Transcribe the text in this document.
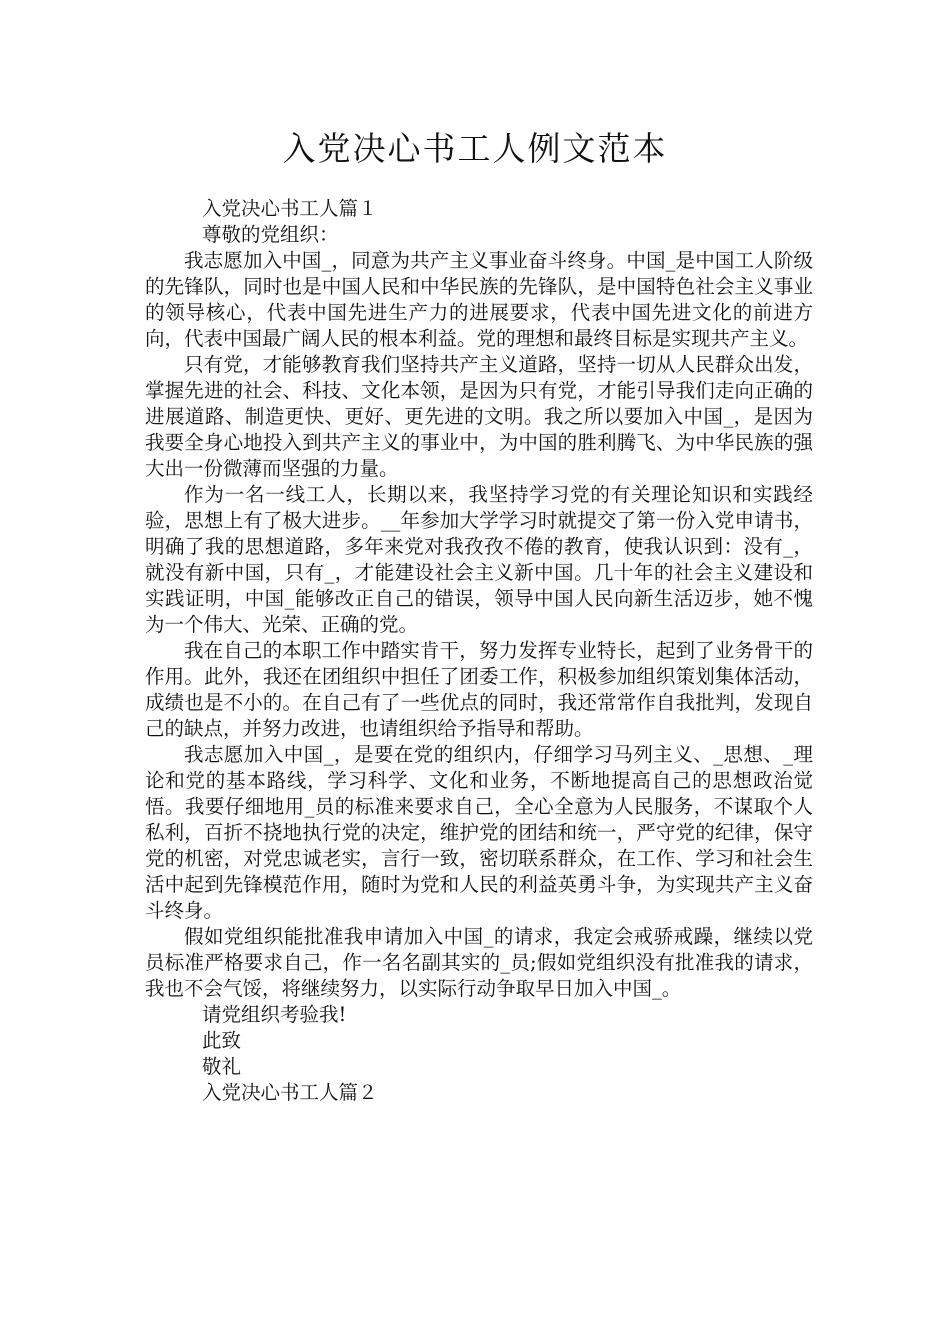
入党决心书工人例文范本

入党决心书工人篇１

尊敬的党组织：

我志愿加入中国_，同意为共产主义事业奋斗终身。中国_是中国工人阶级的先锋队，同时也是中国人民和中华民族的先锋队，是中国特色社会主义事业的领导核心，代表中国先进生产力的进展要求，代表中国先进文化的前进方向，代表中国最广阔人民的根本利益。党的理想和最终目标是实现共产主义。

只有党，才能够教育我们坚持共产主义道路，坚持一切从人民群众出发，掌握先进的社会、科技、文化本领，是因为只有党，才能引导我们走向正确的进展道路、制造更快、更好、更先进的文明。我之所以要加入中国_，是因为我要全身心地投入到共产主义的事业中，为中国的胜利腾飞、为中华民族的强大出一份微薄而坚强的力量。

作为一名一线工人，长期以来，我坚持学习党的有关理论知识和实践经验，思想上有了极大进步。__年参加大学学习时就提交了第一份入党申请书，明确了我的思想道路，多年来党对我孜孜不倦的教育，使我认识到：没有_，就没有新中国，只有_，才能建设社会主义新中国。几十年的社会主义建设和实践证明，中国_能够改正自己的错误，领导中国人民向新生活迈步，她不愧为一个伟大、光荣、正确的党。

我在自己的本职工作中踏实肯干，努力发挥专业特长，起到了业务骨干的作用。此外，我还在团组织中担任了团委工作，积极参加组织策划集体活动，成绩也是不小的。在自己有了一些优点的同时，我还常常作自我批判，发现自己的缺点，并努力改进，也请组织给予指导和帮助。

我志愿加入中国_，是要在党的组织内，仔细学习马列主义、_思想、_理论和党的基本路线，学习科学、文化和业务，不断地提高自己的思想政治觉悟。我要仔细地用_员的标准来要求自己，全心全意为人民服务，不谋取个人私利，百折不挠地执行党的决定，维护党的团结和统一，严守党的纪律，保守党的机密，对党忠诚老实，言行一致，密切联系群众，在工作、学习和社会生活中起到先锋模范作用，随时为党和人民的利益英勇斗争，为实现共产主义奋斗终身。

假如党组织能批准我申请加入中国_的请求，我定会戒骄戒躁，继续以党员标准严格要求自己，作一名名副其实的_员;假如党组织没有批准我的请求，我也不会气馁，将继续努力，以实际行动争取早日加入中国_。

请党组织考验我!

此致

敬礼

入党决心书工人篇２
